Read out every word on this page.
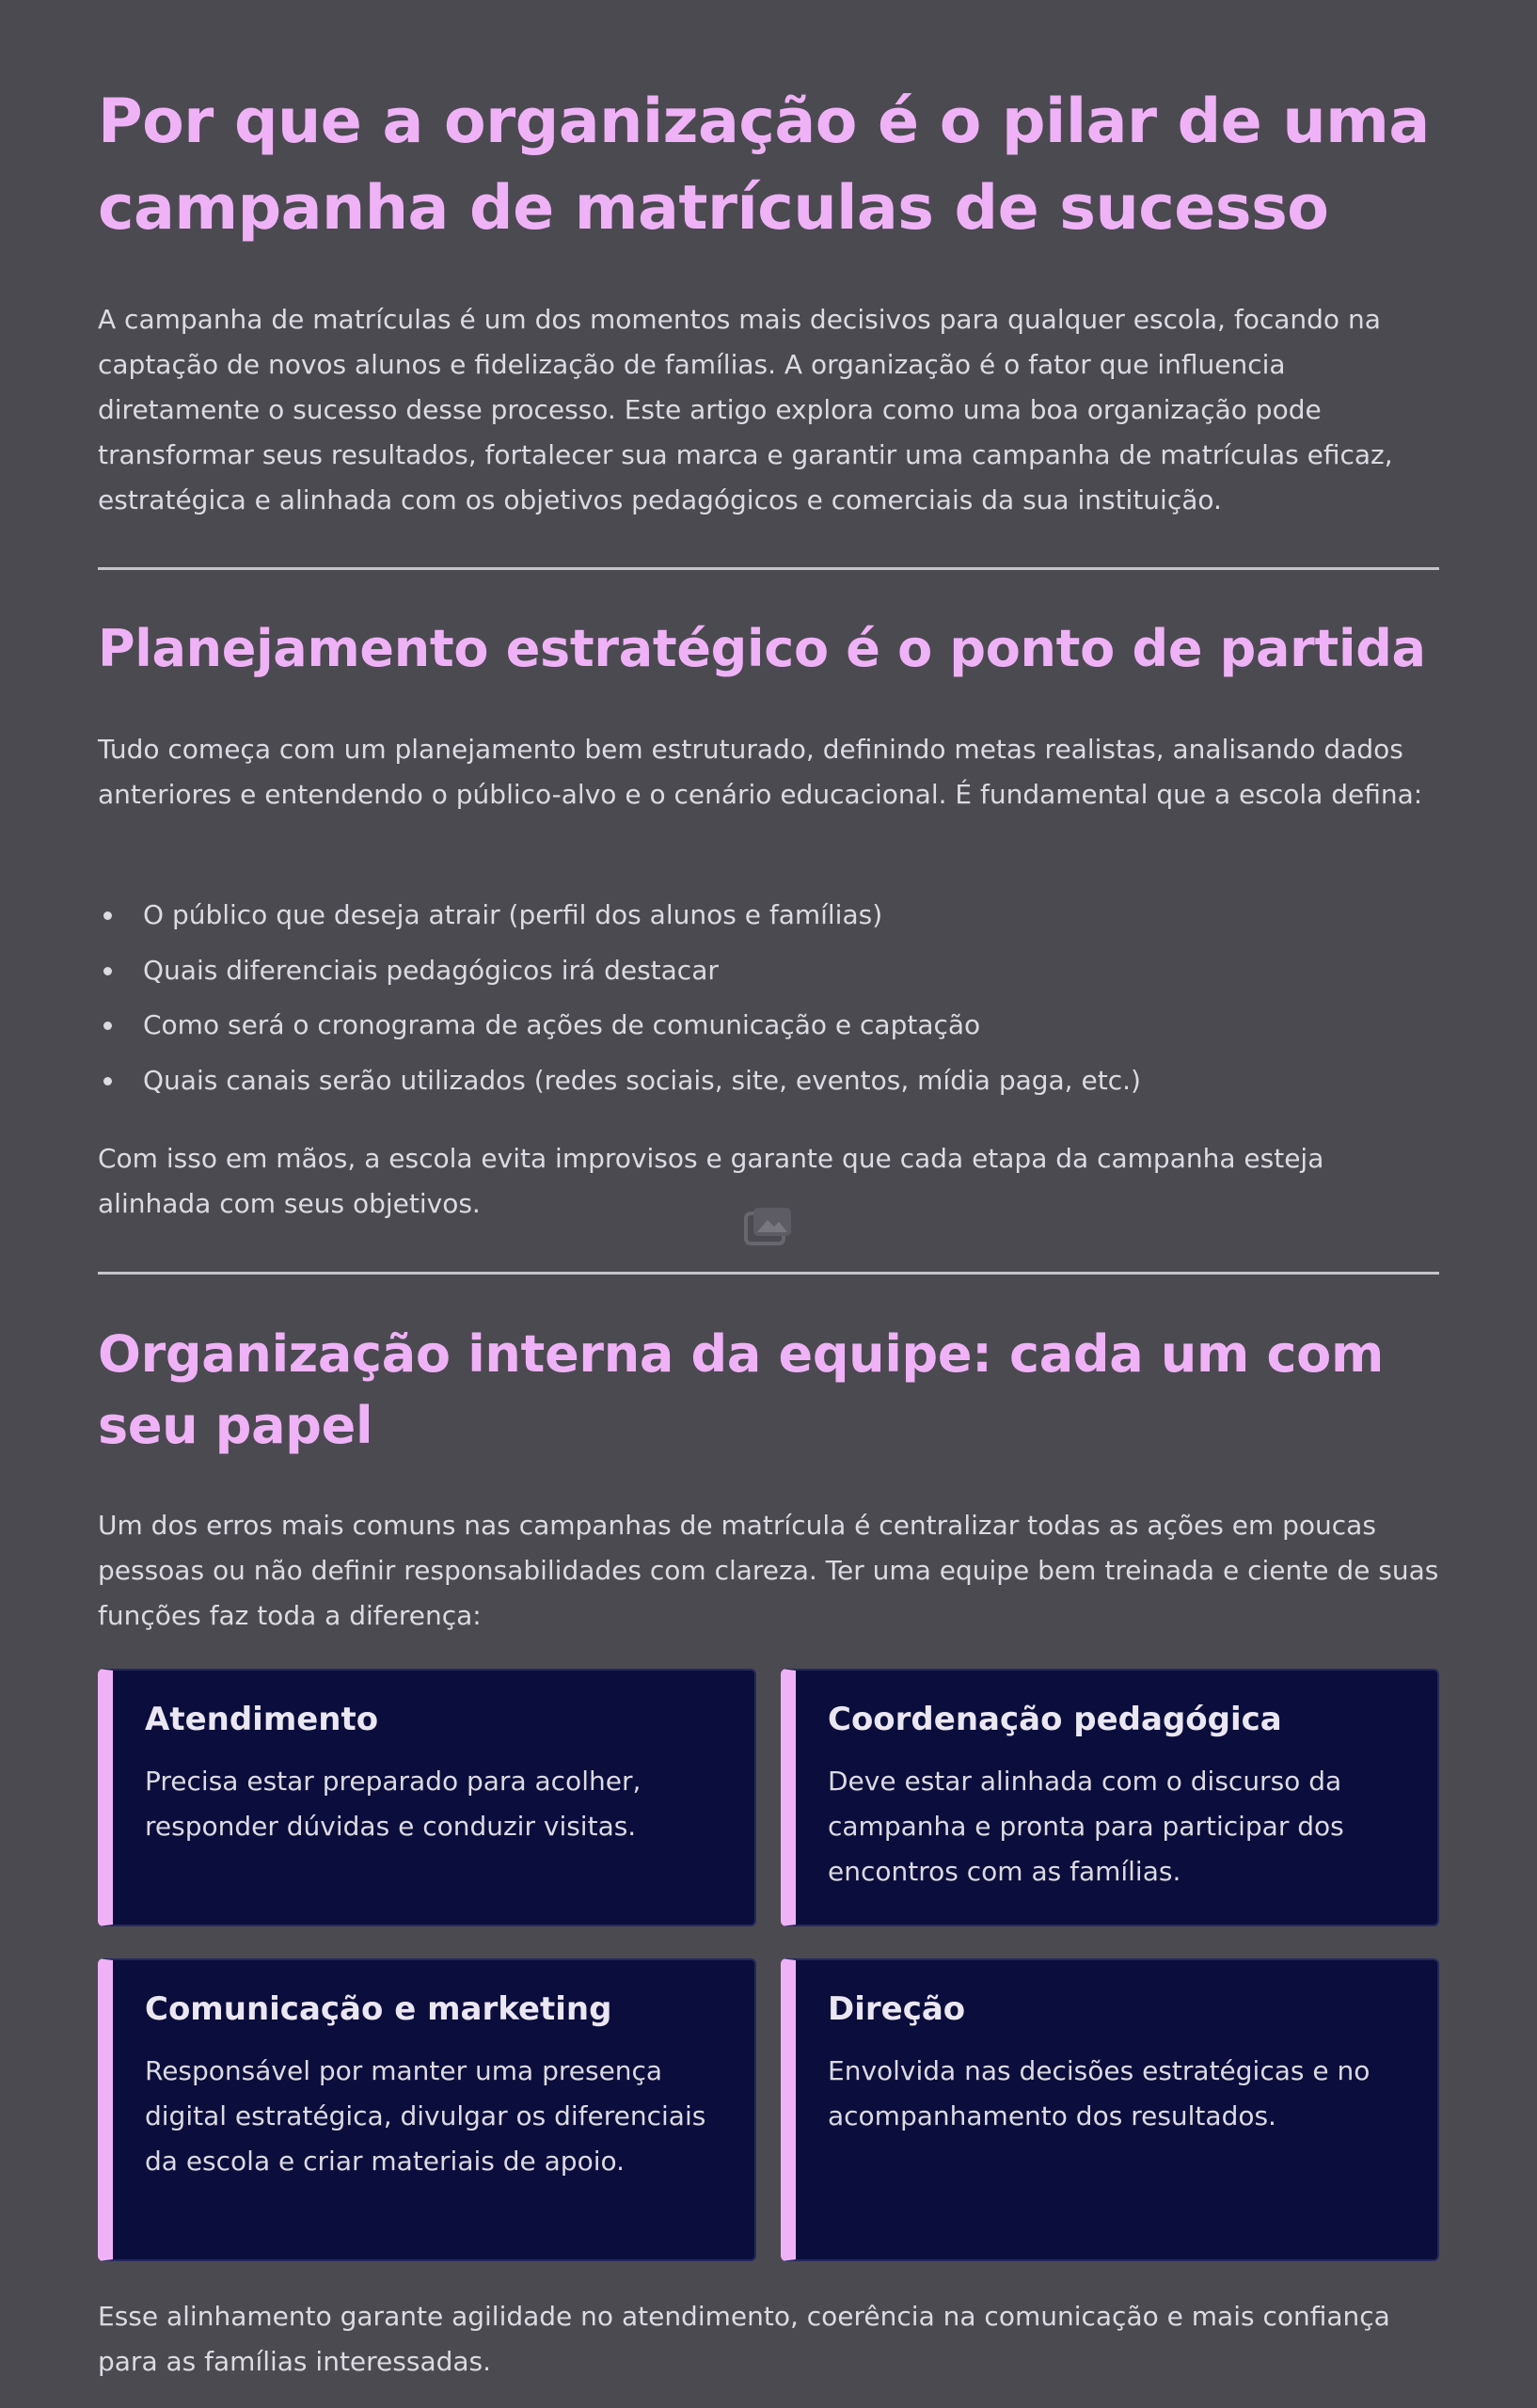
Por que a organização é o pilar de uma campanha de matrículas de sucesso

A campanha de matrículas é um dos momentos mais decisivos para qualquer escola, focando na captação de novos alunos e fidelização de famílias. A organização é o fator que influencia diretamente o sucesso desse processo. Este artigo explora como uma boa organização pode transformar seus resultados, fortalecer sua marca e garantir uma campanha de matrículas eficaz, estratégica e alinhada com os objetivos pedagógicos e comerciais da sua instituição.

Planejamento estratégico é o ponto de partida

Tudo começa com um planejamento bem estruturado, definindo metas realistas, analisando dados anteriores e entendendo o público-alvo e o cenário educacional. É fundamental que a escola defina:

O público que deseja atrair (perfil dos alunos e famílias)
Quais diferenciais pedagógicos irá destacar
Como será o cronograma de ações de comunicação e captação
Quais canais serão utilizados (redes sociais, site, eventos, mídia paga, etc.)

Com isso em mãos, a escola evita improvisos e garante que cada etapa da campanha esteja alinhada com seus objetivos.

Organização interna da equipe: cada um com seu papel

Um dos erros mais comuns nas campanhas de matrícula é centralizar todas as ações em poucas pessoas ou não definir responsabilidades com clareza. Ter uma equipe bem treinada e ciente de suas funções faz toda a diferença:

Atendimento

Precisa estar preparado para acolher, responder dúvidas e conduzir visitas.

Coordenação pedagógica

Deve estar alinhada com o discurso da campanha e pronta para participar dos encontros com as famílias.

Comunicação e marketing

Responsável por manter uma presença digital estratégica, divulgar os diferenciais da escola e criar materiais de apoio.

Direção

Envolvida nas decisões estratégicas e no acompanhamento dos resultados.

Esse alinhamento garante agilidade no atendimento, coerência na comunicação e mais confiança para as famílias interessadas.
